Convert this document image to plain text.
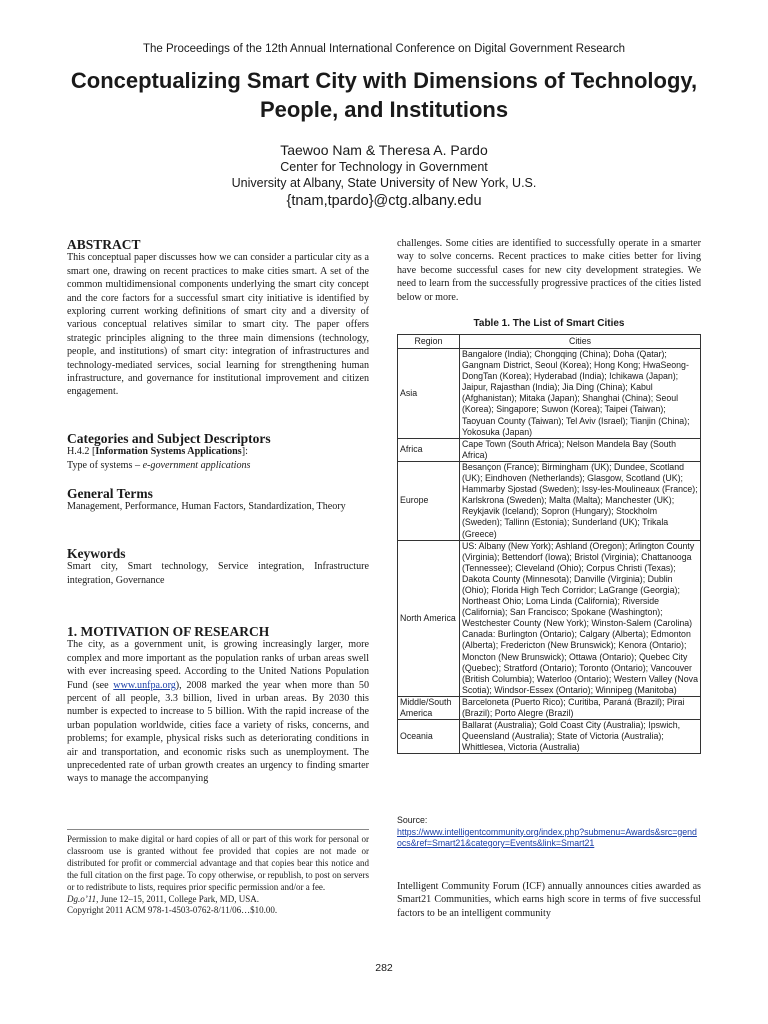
The Proceedings of the 12th Annual International Conference on Digital Government Research
Conceptualizing Smart City with Dimensions of Technology, People, and Institutions
Taewoo Nam & Theresa A. Pardo
Center for Technology in Government
University at Albany, State University of New York, U.S.
{tnam,tpardo}@ctg.albany.edu
ABSTRACT

This conceptual paper discusses how we can consider a particular city as a smart one, drawing on recent practices to make cities smart. A set of the common multidimensional components underlying the smart city concept and the core factors for a successful smart city initiative is identified by exploring current working definitions of smart city and a diversity of various conceptual relatives similar to smart city. The paper offers strategic principles aligning to the three main dimensions (technology, people, and institutions) of smart city: integration of infrastructures and technology-mediated services, social learning for strengthening human infrastructure, and governance for institutional improvement and citizen engagement.

Categories and Subject Descriptors

H.4.2 [Information Systems Applications]:

Type of systems – e-government applications

General Terms

Management, Performance, Human Factors, Standardization, Theory

Keywords

Smart city, Smart technology, Service integration, Infrastructure integration, Governance

1. MOTIVATION OF RESEARCH

The city, as a government unit, is growing increasingly larger, more complex and more important as the population ranks of urban areas swell with ever increasing speed. According to the United Nations Population Fund (see www.unfpa.org), 2008 marked the year when more than 50 percent of all people, 3.3 billion, lived in urban areas. By 2030 this number is expected to increase to 5 billion. With the rapid increase of the urban population worldwide, cities face a variety of risks, concerns, and problems; for example, physical risks such as deteriorating conditions in air and transportation, and economic risks such as unemployment. The unprecedented rate of urban growth creates an urgency to finding smarter ways to manage the accompanying

Permission to make digital or hard copies of all or part of this work for personal or classroom use is granted without fee provided that copies are not made or distributed for profit or commercial advantage and that copies bear this notice and the full citation on the first page. To copy otherwise, or republish, to post on servers or to redistribute to lists, requires prior specific permission and/or a fee.

Dg.o’11, June 12–15, 2011, College Park, MD, USA.

Copyright 2011 ACM 978-1-4503-0762-8/11/06…$10.00.

challenges. Some cities are identified to successfully operate in a smarter way to solve concerns. Recent practices to make cities better for living have become successful cases for new city development strategies. We need to learn from the successfully progressive practices of the cities listed below or more.
Table 1. The List of Smart Cities
Region	Cities
Asia	Bangalore (India); Chongqing (China); Doha (Qatar); Gangnam District, Seoul (Korea); Hong Kong; HwaSeong-DongTan (Korea); Hyderabad (India); Ichikawa (Japan); Jaipur, Rajasthan (India); Jia Ding (China); Kabul (Afghanistan); Mitaka (Japan); Shanghai (China); Seoul (Korea); Singapore; Suwon (Korea); Taipei (Taiwan); Taoyuan County (Taiwan); Tel Aviv (Israel); Tianjin (China); Yokosuka (Japan)
Africa	Cape Town (South Africa); Nelson Mandela Bay (South Africa)
Europe	Besançon (France); Birmingham (UK); Dundee, Scotland (UK); Eindhoven (Netherlands); Glasgow, Scotland (UK); Hammarby Sjostad (Sweden); Issy-les-Moulineaux (France); Karlskrona (Sweden); Malta (Malta); Manchester (UK); Reykjavik (Iceland); Sopron (Hungary); Stockholm (Sweden); Tallinn (Estonia); Sunderland (UK); Trikala (Greece)
North America	US: Albany (New York); Ashland (Oregon); Arlington County (Virginia); Bettendorf (Iowa); Bristol (Virginia); Chattanooga (Tennessee); Cleveland (Ohio); Corpus Christi (Texas); Dakota County (Minnesota); Danville (Virginia); Dublin (Ohio); Florida High Tech Corridor; LaGrange (Georgia); Northeast Ohio; Loma Linda (California); Riverside (California); San Francisco; Spokane (Washington); Westchester County (New York); Winston-Salem (Carolina) Canada: Burlington (Ontario); Calgary (Alberta); Edmonton (Alberta); Fredericton (New Brunswick); Kenora (Ontario); Moncton (New Brunswick); Ottawa (Ontario); Quebec City (Quebec); Stratford (Ontario); Toronto (Ontario); Vancouver (British Columbia); Waterloo (Ontario); Western Valley (Nova Scotia); Windsor-Essex (Ontario); Winnipeg (Manitoba)
Middle/South America	Barceloneta (Puerto Rico); Curitiba, Paraná (Brazil); Pirai (Brazil); Porto Alegre (Brazil)
Oceania	Ballarat (Australia); Gold Coast City (Australia); Ipswich, Queensland (Australia); State of Victoria (Australia); Whittlesea, Victoria (Australia)
Source:
https://www.intelligentcommunity.org/index.php?submenu=Awards&src=gendocs&ref=Smart21&category=Events&link=Smart21
Intelligent Community Forum (ICF) annually announces cities awarded as Smart21 Communities, which earns high score in terms of five successful factors to be an intelligent community
282
